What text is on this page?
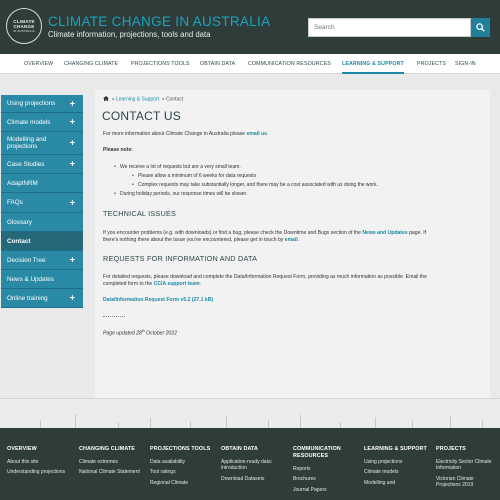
CLIMATE
CHANGE
IN AUSTRALIA
CLIMATE CHANGE IN AUSTRALIA
Climate information, projections, tools and data
Search
OVERVIEW CHANGING CLIMATE PROJECTIONS TOOLS OBTAIN DATA COMMUNICATION RESOURCES LEARNING & SUPPORT PROJECTS SIGN-IN
Using projections +
Climate models +
Modelling and projections	+
Case Studies	+
AdaptNRM
FAQs	+
Glossary
Contact
Decision Tree	+
News & Updates
Online training +
» Learning & Support » Contact
CONTACT US
For more information about Climate Change in Australia please email us.
Please note:
• We receive a lot of requests but are a very small team.
• Please allow a minimum of 6 weeks for data requests
• Complex requests may take substantially longer, and there may be a cost associated with us doing the work.
• During holiday periods, our response times will be slower.
TECHNICAL ISSUES
If you encounter problems (e.g. with downloads) or find a bug, please check the Downtime and Bugs section of the News and Updates page. If
there's nothing there about the issue you've encountered, please get in touch by email.
REQUESTS FOR INFORMATION AND DATA
For detailed requests, please download and complete the Data/Information Request Form, providing as much information as possible. Email the
completed form to the CCiA support team.
Data/Information Request Form v5.2 (27.1 kB)
Page updated 28th October 2022
OVERVIEW
About this site
Understanding projections
CHANGING CLIMATE
Climate extremes
National Climate Statement
PROJECTIONS TOOLS
Data availability
Tool ratings
Regional Climate
OBTAIN DATA
Application-ready data: introduction
Download Datasets
COMMUNICATION RESOURCES
Reports
Brochures
Journal Papers
LEARNING & SUPPORT
Using projections
Climate models
Modelling and
PROJECTS
Electricity Sector Climate Information
Victorian Climate Projections 2019
